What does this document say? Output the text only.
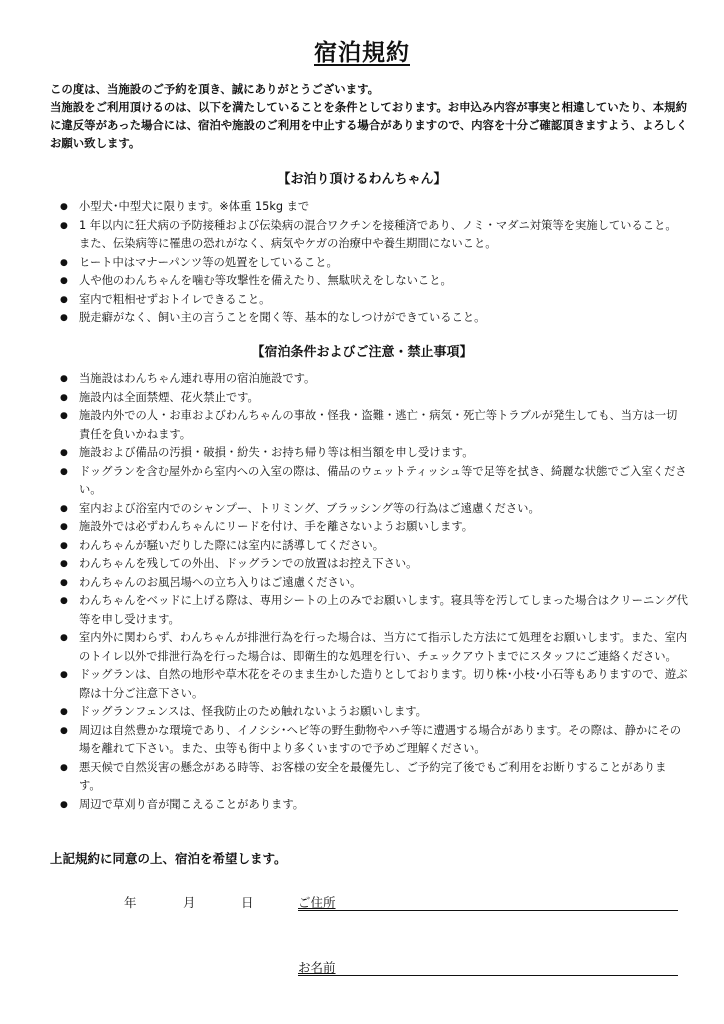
宿泊規約

この度は、当施設のご予約を頂き、誠にありがとうございます。

当施設をご利用頂けるのは、以下を満たしていることを条件としております。お申込み内容が事実と相違していたり、本規約に違反等があった場合には、宿泊や施設のご利用を中止する場合がありますので、内容を十分ご確認頂きますよう、よろしくお願い致します。

【お泊り頂けるわんちゃん】
● 小型犬･中型犬に限ります。※体重 15kg まで
● 1 年以内に狂犬病の予防接種および伝染病の混合ワクチンを接種済であり、ノミ・マダニ対策等を実施していること。 また、伝染病等に罹患の恐れがなく、病気やケガの治療中や養生期間にないこと。
● ヒート中はマナーパンツ等の処置をしていること。
● 人や他のわんちゃんを噛む等攻撃性を備えたり、無駄吠えをしないこと。
● 室内で粗相せずおトイレできること。
● 脱走癖がなく、飼い主の言うことを聞く等、基本的なしつけができていること。
【宿泊条件およびご注意・禁止事項】
● 当施設はわんちゃん連れ専用の宿泊施設です。
● 施設内は全面禁煙、花火禁止です。
● 施設内外での人・お車およびわんちゃんの事故・怪我・盗難・逃亡・病気・死亡等トラブルが発生しても、当方は一切責任を負いかねます。
● 施設および備品の汚損・破損・紛失・お持ち帰り等は相当額を申し受けます。
● ドッグランを含む屋外から室内への入室の際は、備品のウェットティッシュ等で足等を拭き、綺麗な状態でご入室ください。
● 室内および浴室内でのシャンプー、トリミング、ブラッシング等の行為はご遠慮ください。
● 施設外では必ずわんちゃんにリードを付け、手を離さないようお願いします。
● わんちゃんが騒いだりした際には室内に誘導してください。
● わんちゃんを残しての外出、ドッグランでの放置はお控え下さい。
● わんちゃんのお風呂場への立ち入りはご遠慮ください。
● わんちゃんをベッドに上げる際は、専用シートの上のみでお願いします。寝具等を汚してしまった場合はクリーニング代等を申し受けます。
● 室内外に関わらず、わんちゃんが排泄行為を行った場合は、当方にて指示した方法にて処理をお願いします。また、室内のトイレ以外で排泄行為を行った場合は、即衛生的な処理を行い、チェックアウトまでにスタッフにご連絡ください。
● ドッグランは、自然の地形や草木花をそのまま生かした造りとしております。切り株･小枝･小石等もありますので、遊ぶ際は十分ご注意下さい。
● ドッグランフェンスは、怪我防止のため触れないようお願いします。
● 周辺は自然豊かな環境であり、イノシシ･ヘビ等の野生動物やハチ等に遭遇する場合があります。その際は、静かにその場を離れて下さい。また、虫等も街中より多くいますので予めご理解ください。
● 悪天候で自然災害の懸念がある時等、お客様の安全を最優先し、ご予約完了後でもご利用をお断りすることがあります。
● 周辺で草刈り音が聞こえることがあります。
上記規約に同意の上、宿泊を希望します。
年	月	日	ご住所
お名前
